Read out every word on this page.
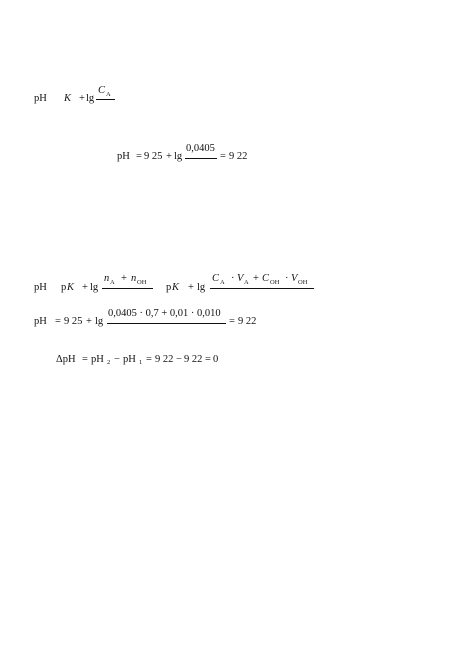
pH K + lg
C A
pH = 9 25 + lg
0,0405
= 9 22
pH p K + lg
n A + n OH p K + lg
C A · V A + C OH · V OH
pH = 9 25 + lg
0,0405 · 0,7 + 0,01 · 0,010
= 9 22
ΔpH = pH 2 − pH 1 = 9 22 − 9 22 = 0
